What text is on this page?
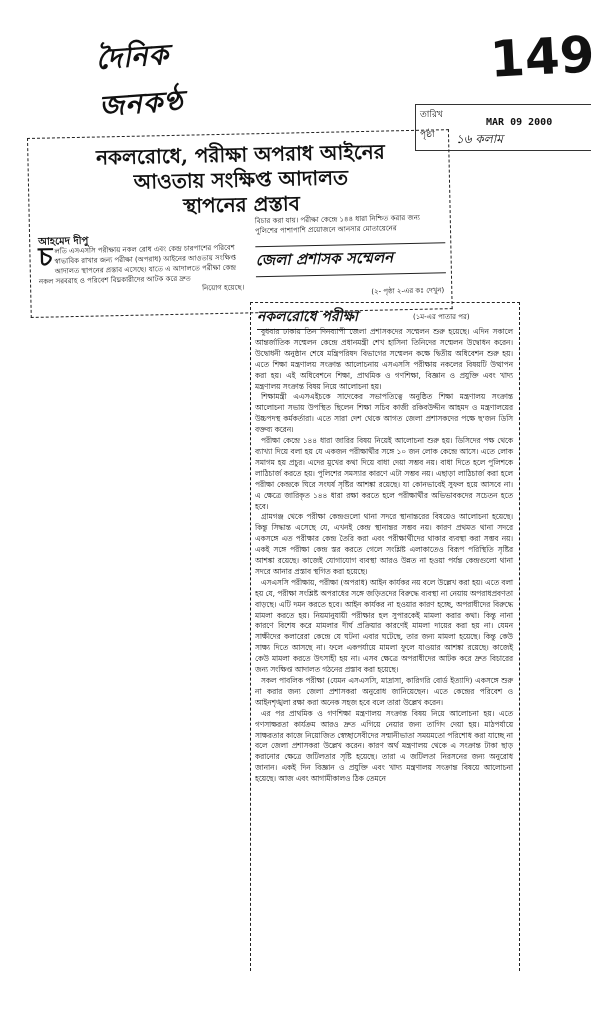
দৈনিক জনকণ্ঠ
149
তারিখ
পৃষ্ঠা
MAR 09 2000
১৬ কলাম
নকলরোধে, পরীক্ষা অপরাধ আইনের
আওতায় সংক্ষিপ্ত আদালত
স্থাপনের প্রস্তাব
আহমেদ দীপু
চ লতি এসএসসি পরীক্ষায় নকল রোধ এবং কেন্দ্র চারপাশের পরিবেশ স্বাভাবিক রাখার জন্য পরীক্ষা (অপরাধ) আইনের আওতায় সংক্ষিপ্ত আদালত স্থাপনের প্রস্তাব এসেছে। যাতে এ আদালতে পরীক্ষা কেন্দ্র নকল সরবরাহ ও পরিবেশ বিঘ্নকারীদের আটক করে দ্রুত
নিয়োগ হয়েছে।
বিচার করা যায়। পরীক্ষা কেন্দ্রে ১৪৪ ধারা নিশ্চিত করার জন্য পুলিশের পাশাপাশি প্রয়োজনে আনসার মোতায়েনের
জেলা প্রশাসক সম্মেলন
(২- পৃষ্ঠা ২-এর কঃ দেখুন)
নকলরোধে পরীক্ষা	(১ম-এর পাতার পর)

বুধবার ঢাকায় তিন দিনব্যাপী জেলা প্রশাসকদের সম্মেলন শুরু হয়েছে। এদিন সকালে আন্তর্জাতিক সম্মেলন কেন্দ্রে প্রধানমন্ত্রী শেখ হাসিনা তিনিদের সম্মেলন উদ্বোধন করেন। উদ্বোধনী অনুষ্ঠান শেষে মন্ত্রিপরিষদ বিভাগের সম্মেলন কক্ষে দ্বিতীয় অধিবেশন শুরু হয়। এতে শিক্ষা মন্ত্রণালয় সংক্রান্ত আলোচনায় এসএসসি পরীক্ষায় নকলের বিষয়টি উত্থাপন করা হয়। এই অধিবেশনে শিক্ষা, প্রাথমিক ও গণশিক্ষা, বিজ্ঞান ও প্রযুক্তি এবং খাদ্য মন্ত্রণালয় সংক্রান্ত বিষয় নিয়ে আলোচনা হয়।

শিক্ষামন্ত্রী এএসএইচকে সাদেকের সভাপতিত্বে অনুষ্ঠিত শিক্ষা মন্ত্রণালয় সংক্রান্ত আলোচনা সভায় উপস্থিত ছিলেন শিক্ষা সচিব কাজী রকিবউদ্দীন আহমদ ও মন্ত্রণালয়ের উচ্চপদস্থ কর্মকর্তারা। এতে সারা দেশ থেকে আগত জেলা প্রশাসকদের পক্ষে ছ'জন ডিসি বক্তব্য করেন।

পরীক্ষা কেন্দ্রে ১৪৪ ধারা জারির বিষয় নিয়েই আলোচনা শুরু হয়। ডিসিদের পক্ষ থেকে ব্যাখ্যা দিয়ে বলা হয় যে একজন পরীক্ষার্থীর সঙ্গে ১০ জন লোক কেন্দ্রে আসে। এতে লোক সমাগম হয় প্রচুর। এদের মুখের কথা দিয়ে বাধা দেয়া সম্ভব নয়। বাধা দিতে হলে পুলিশকে লাঠিচার্জ করতে হয়। পুলিশের সমস্যার কারণে এটা সম্ভব নয়। এছাড়া লাঠিচার্জ করা হলে পরীক্ষা কেন্দ্রকে ঘিরে সংঘর্ষ সৃষ্টির আশঙ্কা রয়েছে। যা কোনভাবেই সুফল হয়ে আসবে না। এ ক্ষেত্রে জারিকৃত ১৪৪ ধারা রক্ষা করতে হলে পরীক্ষার্থীর অভিভাবকদের সচেতন হতে হবে।

গ্রামগঞ্জ থেকে পরীক্ষা কেন্দ্রগুলো থানা সদরে স্থানান্তরের বিষয়েও আলোচনা হয়েছে। কিন্তু সিদ্ধান্ত এসেছে যে, এখনই কেন্দ্র স্থানান্তর সম্ভব নয়। কারণ প্রথমত থানা সদরে একসঙ্গে এত পরীক্ষার কেন্দ্র তৈরি করা এবং পরীক্ষার্থীদের থাকার ব্যবস্থা করা সম্ভব নয়। একই সঙ্গে পরীক্ষা কেন্দ্র স্তর করতে গেলে সংশ্লিষ্ট এলাকাতেও বিরূপ পরিস্থিতি সৃষ্টির আশঙ্কা রয়েছে। কাজেই যোগাযোগ ব্যবস্থা আরও উন্নত না হওয়া পর্যন্ত কেন্দ্রগুলো থানা সদরে আনার প্রস্তাব স্থগিত করা হয়েছে।

এসএসসি পরীক্ষায়, পরীক্ষা (অপরাধ) আইন কার্যকর নয় বলে উল্লেখ করা হয়। এতে বলা হয় যে, পরীক্ষা সংশ্লিষ্ট অপরাধের সঙ্গে জড়িতদের বিরুদ্ধে ব্যবস্থা না নেয়ায় অপরাধপ্রবণতা বাড়ছে। এটি দমন করতে হবে। আইন কার্যকর না হওয়ার কারণ হচ্ছে, অপরাধীদের বিরুদ্ধে মামলা করতে হয়। নিয়মানুযায়ী পরীক্ষার হল সুপারকেই মামলা করার কথা। কিন্তু নানা কারণে বিশেষ করে মামলার দীর্ঘ প্রক্রিয়ার কারণেই মামলা দায়ের করা হয় না। যেমন সাক্ষীদের কলারেরা কেন্দ্রে যে ঘটনা এবার ঘটেছে, তার জন্য মামলা হয়েছে। কিন্তু কেউ সাক্ষ্য দিতে আসছে না। ফলে একপর্যায়ে মামলা ফুলে যাওয়ার আশঙ্কা রয়েছে। কাজেই কেউ মামলা করতে উৎসাহী হয় না। এসব ক্ষেত্রে অপরাধীদের আটক করে দ্রুত বিচারের জন্য সংক্ষিপ্ত আদালত গঠনের প্রস্তাব করা হয়েছে।

সকল পাবলিক পরীক্ষা (যেমন এসএসসি, মাদ্রাসা, কারিগরি বোর্ড ইত্যাদি) একসঙ্গে শুরু না করার জন্য জেলা প্রশাসকরা অনুরোধ জানিয়েছেন। এতে কেন্দ্রের পরিবেশ ও আইনশৃঙ্খলা রক্ষা করা অনেক সহজ হবে বলে তারা উল্লেখ করেন।

এর পর প্রাথমিক ও গণশিক্ষা মন্ত্রণালয় সংক্রান্ত বিষয় নিয়ে আলোচনা হয়। এতে গণসাক্ষরতা কার্যক্রম আরও দ্রুত এগিয়ে নেয়ার জন্য তাগিদ দেয়া হয়। মাঠপর্যায়ে সাক্ষরতার কাজে নিয়োজিত স্বেচ্ছাসেবীদের সম্মানীভাতা সময়মতো পরিশোধ করা যাচ্ছে না বলে জেলা প্রশাসকরা উল্লেখ করেন। কারণ অর্থ মন্ত্রণালয় থেকে এ সংক্রান্ত টাকা ছাড় করানোর ক্ষেত্রে জটিলতার সৃষ্টি হয়েছে। তারা এ জটিলতা নিরসনের জন্য অনুরোধ জানান। একই দিন বিজ্ঞান ও প্রযুক্তি এবং খাদ্য মন্ত্রণালয় সংক্রান্ত বিষয়ে আলোচনা হয়েছে। আজ এবং আগামীকালও ঠিক তেমনে
